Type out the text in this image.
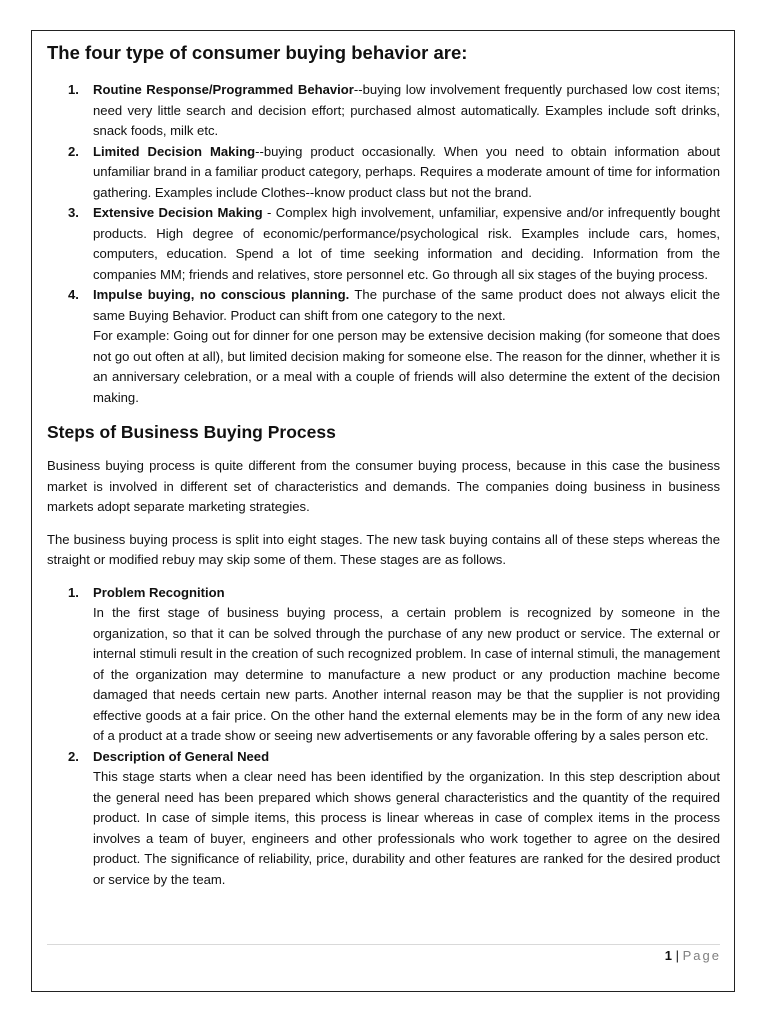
The four type of consumer buying behavior are:
1. Routine Response/Programmed Behavior--buying low involvement frequently purchased low cost items; need very little search and decision effort; purchased almost automatically. Examples include soft drinks, snack foods, milk etc.

2. Limited Decision Making--buying product occasionally. When you need to obtain information about unfamiliar brand in a familiar product category, perhaps. Requires a moderate amount of time for information gathering. Examples include Clothes--know product class but not the brand.

3. Extensive Decision Making - Complex high involvement, unfamiliar, expensive and/or infrequently bought products. High degree of economic/performance/psychological risk. Examples include cars, homes, computers, education. Spend a lot of time seeking information and deciding. Information from the companies MM; friends and relatives, store personnel etc. Go through all six stages of the buying process.

4. Impulse buying, no conscious planning. The purchase of the same product does not always elicit the same Buying Behavior. Product can shift from one category to the next.

For example: Going out for dinner for one person may be extensive decision making (for someone that does not go out often at all), but limited decision making for someone else. The reason for the dinner, whether it is an anniversary celebration, or a meal with a couple of friends will also determine the extent of the decision making.

Steps of Business Buying Process

Business buying process is quite different from the consumer buying process, because in this case the business market is involved in different set of characteristics and demands. The companies doing business in business markets adopt separate marketing strategies.

The business buying process is split into eight stages. The new task buying contains all of these steps whereas the straight or modified rebuy may skip some of them. These stages are as follows.

1. Problem Recognition

In the first stage of business buying process, a certain problem is recognized by someone in the organization, so that it can be solved through the purchase of any new product or service. The external or internal stimuli result in the creation of such recognized problem. In case of internal stimuli, the management of the organization may determine to manufacture a new product or any production machine become damaged that needs certain new parts. Another internal reason may be that the supplier is not providing effective goods at a fair price. On the other hand the external elements may be in the form of any new idea of a product at a trade show or seeing new advertisements or any favorable offering by a sales person etc.

2. Description of General Need

This stage starts when a clear need has been identified by the organization. In this step description about the general need has been prepared which shows general characteristics and the quantity of the required product. In case of simple items, this process is linear whereas in case of complex items in the process involves a team of buyer, engineers and other professionals who work together to agree on the desired product. The significance of reliability, price, durability and other features are ranked for the desired product or service by the team.

1 | Page
